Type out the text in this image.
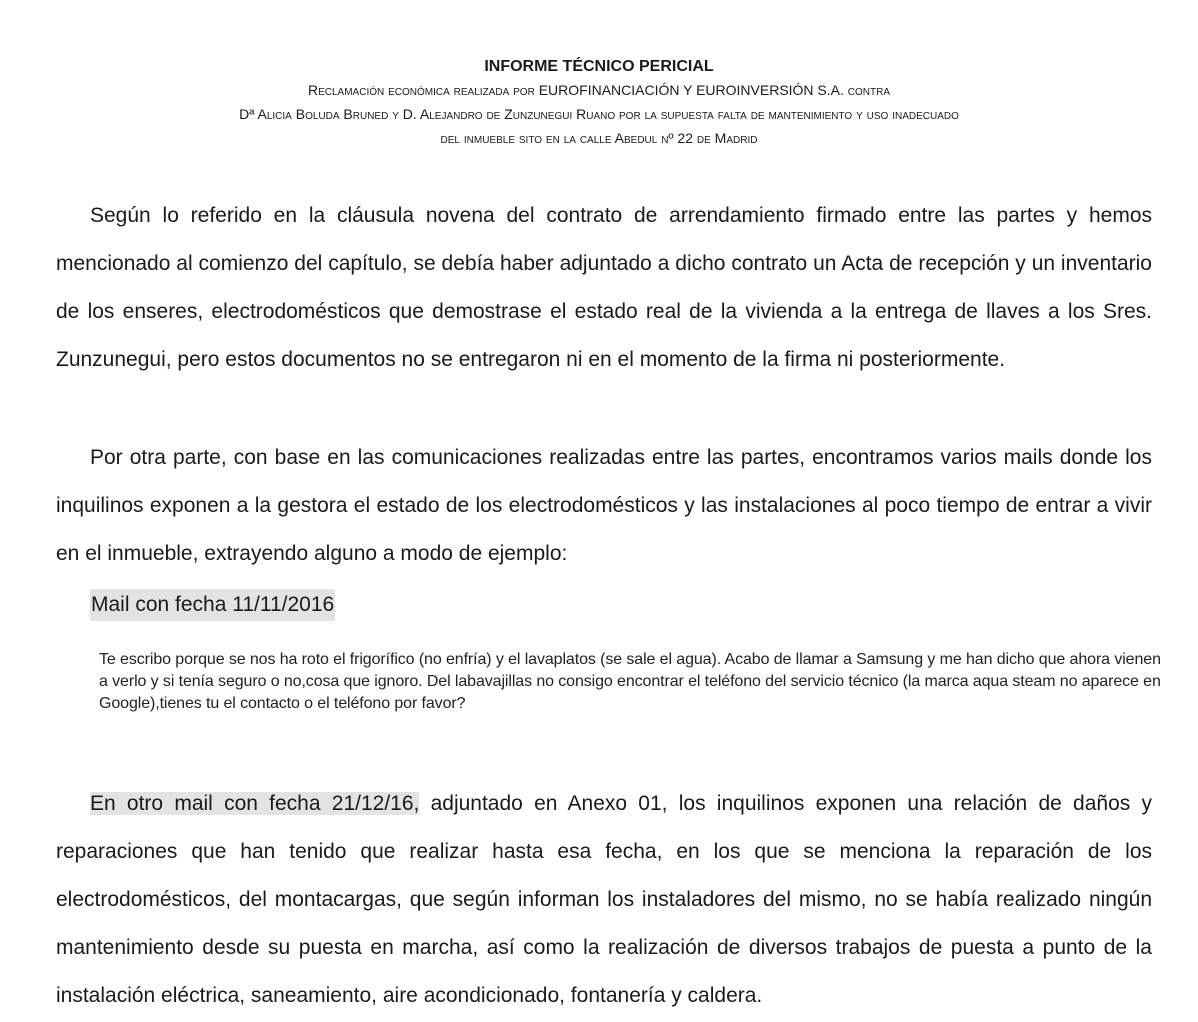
INFORME TÉCNICO PERICIAL

Reclamación económica realizada por EUROFINANCIACIÓN Y EUROINVERSIÓN S.A. contra

Dª Alicia Boluda Bruned y D. Alejandro de Zunzunegui Ruano por la supuesta falta de mantenimiento y uso inadecuado

del inmueble sito en la calle Abedul nº 22 de Madrid

Según lo referido en la cláusula novena del contrato de arrendamiento firmado entre las partes y hemos mencionado al comienzo del capítulo, se debía haber adjuntado a dicho contrato un Acta de recepción y un inventario de los enseres, electrodomésticos que demostrase el estado real de la vivienda a la entrega de llaves a los Sres. Zunzunegui, pero estos documentos no se entregaron ni en el momento de la firma ni posteriormente.

Por otra parte, con base en las comunicaciones realizadas entre las partes, encontramos varios mails donde los inquilinos exponen a la gestora el estado de los electrodomésticos y las instalaciones al poco tiempo de entrar a vivir en el inmueble, extrayendo alguno a modo de ejemplo:

Mail con fecha 11/11/2016

Te escribo porque se nos ha roto el frigorífico (no enfría) y el lavaplatos (se sale el agua). Acabo de llamar a Samsung y me han dicho que ahora vienen a verlo y si tenía seguro o no,cosa que ignoro. Del labavajillas no consigo encontrar el teléfono del servicio técnico (la marca aqua steam no aparece en Google),tienes tu el contacto o el teléfono por favor?

En otro mail con fecha 21/12/16, adjuntado en Anexo 01, los inquilinos exponen una relación de daños y reparaciones que han tenido que realizar hasta esa fecha, en los que se menciona la reparación de los electrodomésticos, del montacargas, que según informan los instaladores del mismo, no se había realizado ningún mantenimiento desde su puesta en marcha, así como la realización de diversos trabajos de puesta a punto de la instalación eléctrica, saneamiento, aire acondicionado, fontanería y caldera.
